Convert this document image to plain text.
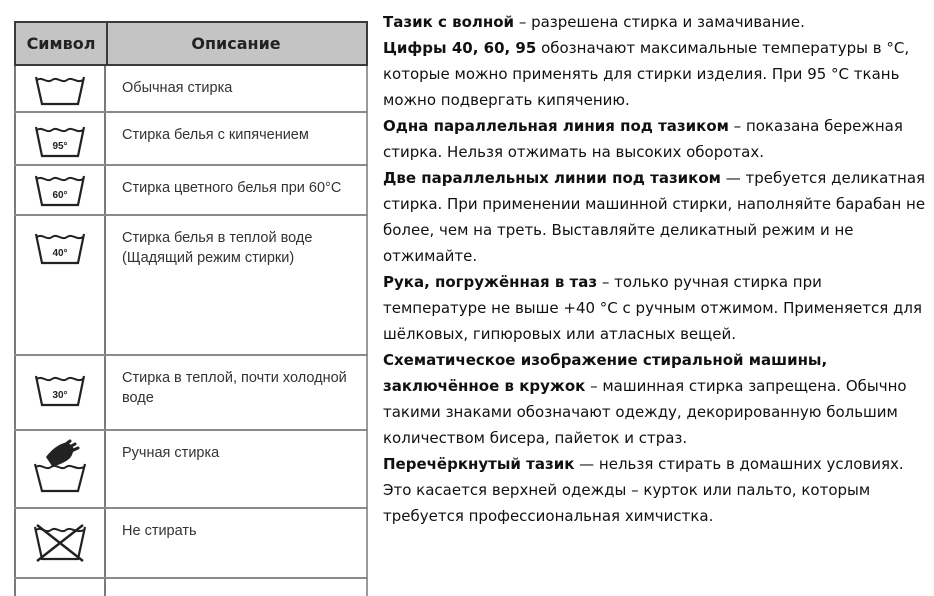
Символ	Описание
Обычная стирка
95°
Стирка белья с кипячением
60°	Стирка цветного белья при 60°С
40°
Стирка белья в теплой воде (Щадящий режим стирки)
30°
Стирка в теплой, почти холодной воде
Ручная стирка
Не стирать

Тазик с волной – разрешена стирка и замачивание.

Цифры 40, 60, 95 обозначают максимальные температуры в °С, которые можно применять для стирки изделия. При 95 °С ткань можно подвергать кипячению.

Одна параллельная линия под тазиком – показана бережная стирка. Нельзя отжимать на высоких оборотах.

Две параллельных линии под тазиком — требуется деликатная стирка. При применении машинной стирки, наполняйте барабан не более, чем на треть. Выставляйте деликатный режим и не отжимайте.

Рука, погружённая в таз – только ручная стирка при температуре не выше +40 °С с ручным отжимом. Применяется для шёлковых, гипюровых или атласных вещей.

Схематическое изображение стиральной машины, заключённое в кружок – машинная стирка запрещена. Обычно такими знаками обозначают одежду, декорированную большим количеством бисера, пайеток и страз.

Перечёркнутый тазик — нельзя стирать в домашних условиях. Это касается верхней одежды – курток или пальто, которым требуется профессиональная химчистка.
